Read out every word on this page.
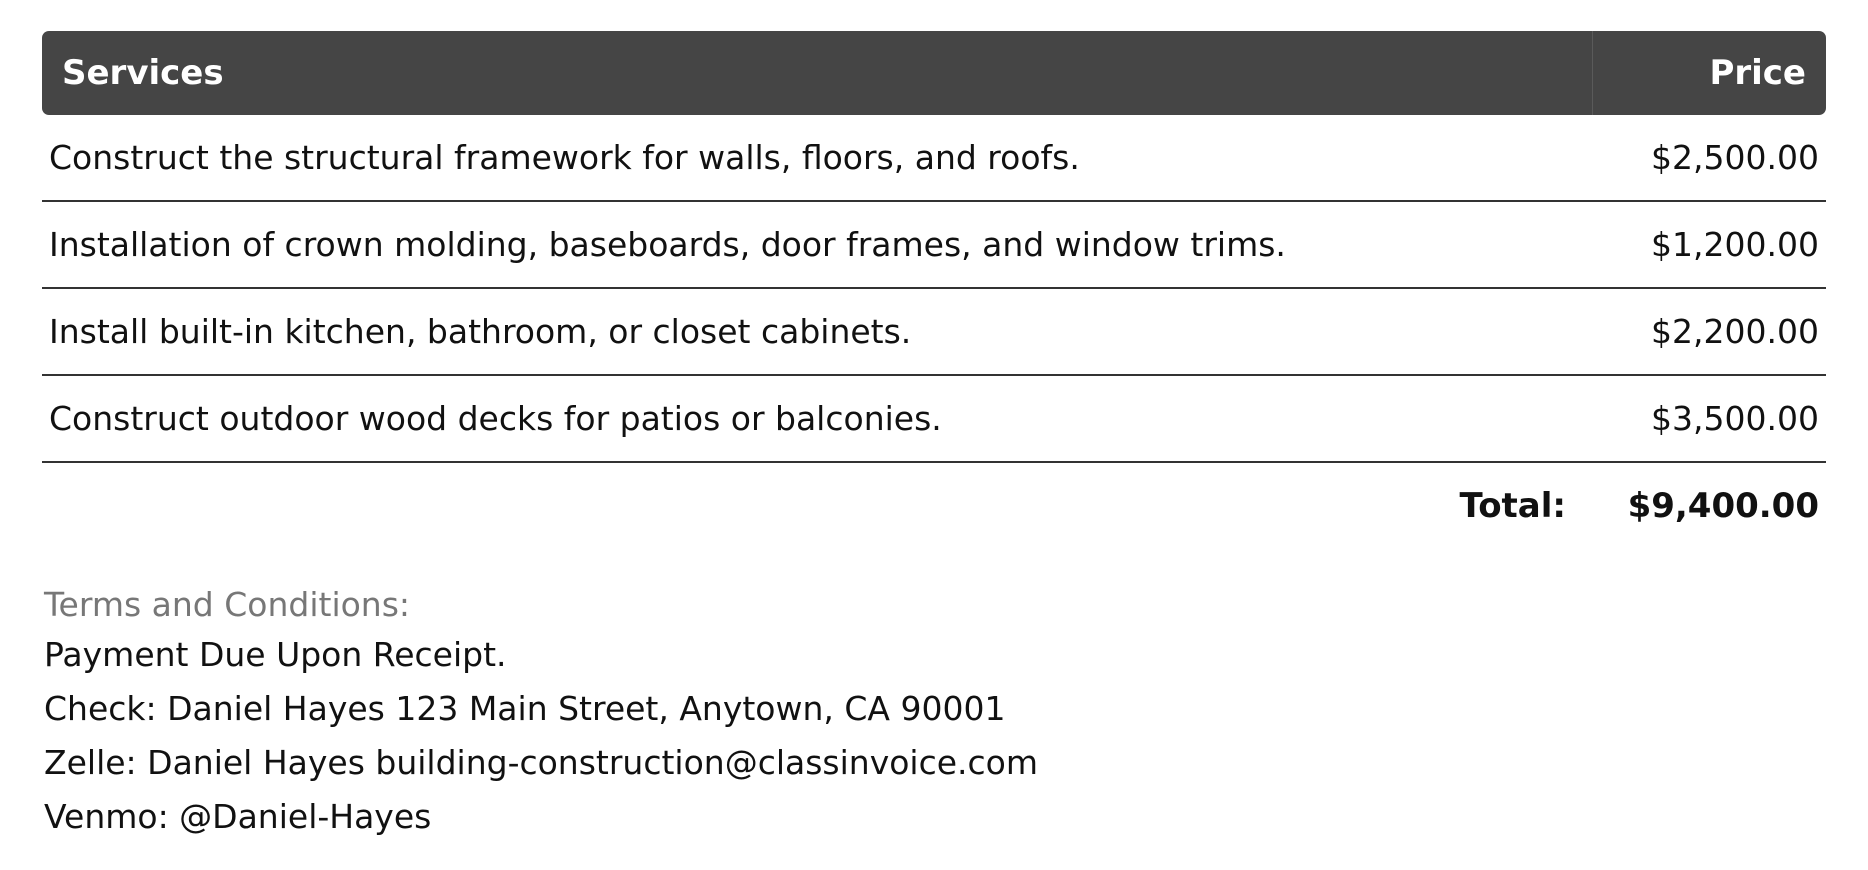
Services	Price
Construct the structural framework for walls, floors, and roofs.	$2,500.00
Installation of crown molding, baseboards, door frames, and window trims.	$1,200.00
Install built-in kitchen, bathroom, or closet cabinets.	$2,200.00
Construct outdoor wood decks for patios or balconies.	$3,500.00
Total:	$9,400.00
Terms and Conditions:
Payment Due Upon Receipt.
Check: Daniel Hayes 123 Main Street, Anytown, CA 90001
Zelle: Daniel Hayes building-construction@classinvoice.com
Venmo: @Daniel-Hayes
